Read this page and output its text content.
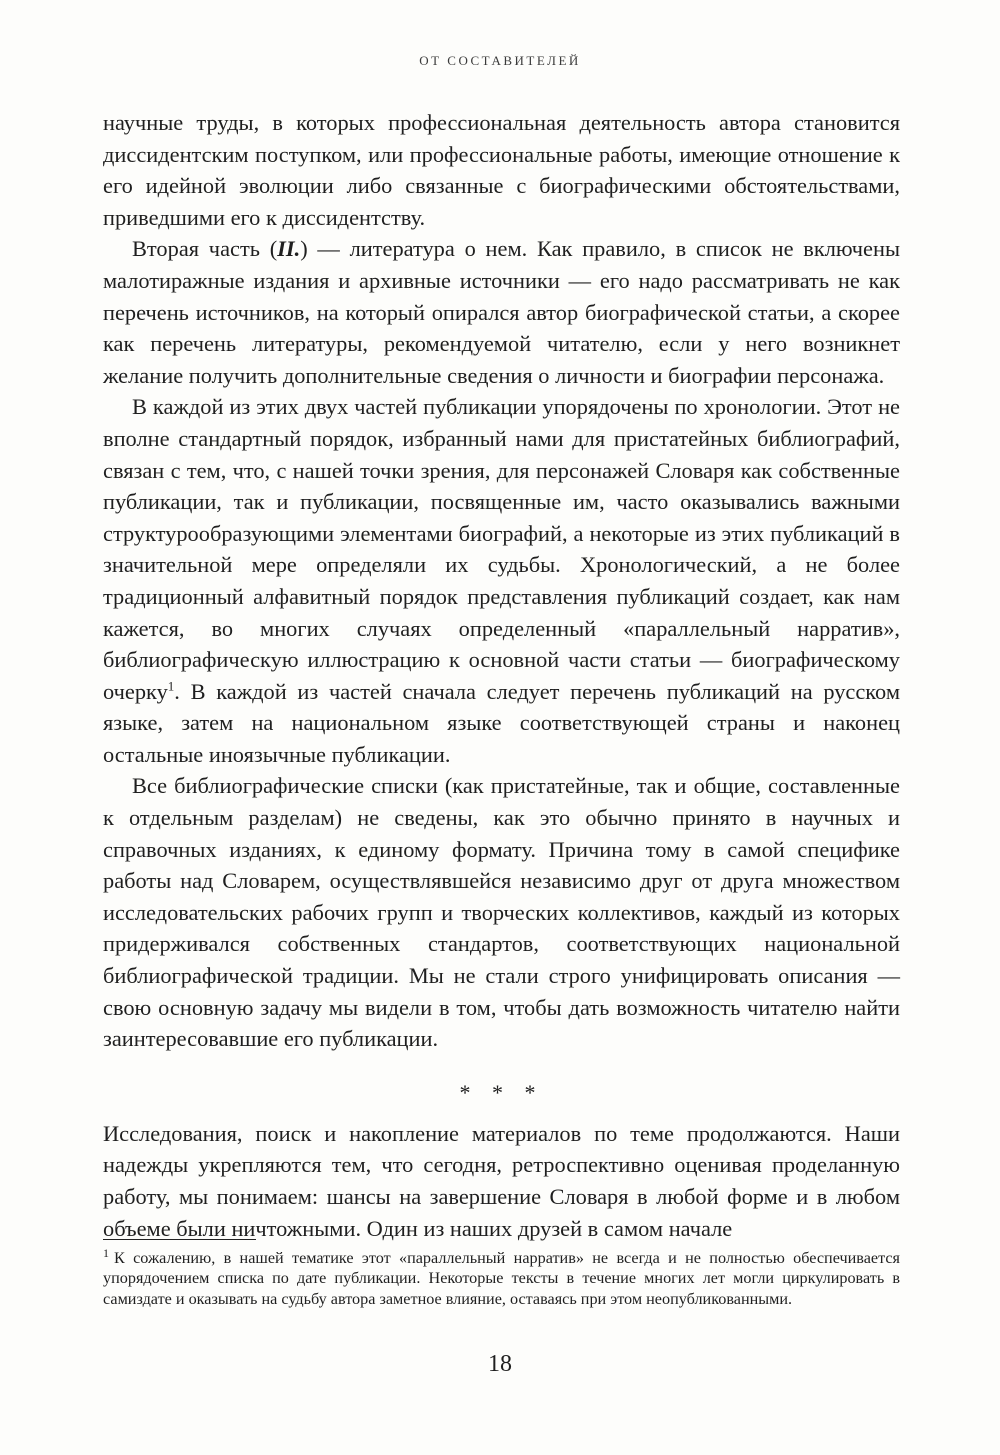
ОТ СОСТАВИТЕЛЕЙ

научные труды, в которых профессиональная деятельность автора становится диссидентским поступком, или профессиональные работы, имеющие отношение к его идейной эволюции либо связанные с биографическими обстоятельствами, приведшими его к диссидентству.

Вторая часть (II.) — литература о нем. Как правило, в список не включены малотиражные издания и архивные источники — его надо рассматривать не как перечень источников, на который опирался автор биографической статьи, а скорее как перечень литературы, рекомендуемой читателю, если у него возникнет желание получить дополнительные сведения о личности и биографии персонажа.

В каждой из этих двух частей публикации упорядочены по хронологии. Этот не вполне стандартный порядок, избранный нами для пристатейных библиографий, связан с тем, что, с нашей точки зрения, для персонажей Словаря как собственные публикации, так и публикации, посвященные им, часто оказывались важными структурообразующими элементами биографий, а некоторые из этих публикаций в значительной мере определяли их судьбы. Хронологический, а не более традиционный алфавитный порядок представления публикаций создает, как нам кажется, во многих случаях определенный «параллельный нарратив», библиографическую иллюстрацию к основной части статьи — биографическому очерку$^1$. В каждой из частей сначала следует перечень публикаций на русском языке, затем на национальном языке соответствующей страны и наконец остальные иноязычные публикации.

Все библиографические списки (как пристатейные, так и общие, составленные к отдельным разделам) не сведены, как это обычно принято в научных и справочных изданиях, к единому формату. Причина тому в самой специфике работы над Словарем, осуществлявшейся независимо друг от друга множеством исследовательских рабочих групп и творческих коллективов, каждый из которых придерживался собственных стандартов, соответствующих национальной библиографической традиции. Мы не стали строго унифицировать описания — свою основную задачу мы видели в том, чтобы дать возможность читателю найти заинтересовавшие его публикации.

* * *

Исследования, поиск и накопление материалов по теме продолжаются. Наши надежды укрепляются тем, что сегодня, ретроспективно оценивая проделанную работу, мы понимаем: шансы на завершение Словаря в любой форме и в любом объеме были ничтожными. Один из наших друзей в самом начале

$^1$ К сожалению, в нашей тематике этот «параллельный нарратив» не всегда и не полностью обеспечивается упорядочением списка по дате публикации. Некоторые тексты в течение многих лет могли циркулировать в самиздате и оказывать на судьбу автора заметное влияние, оставаясь при этом неопубликованными.
18
